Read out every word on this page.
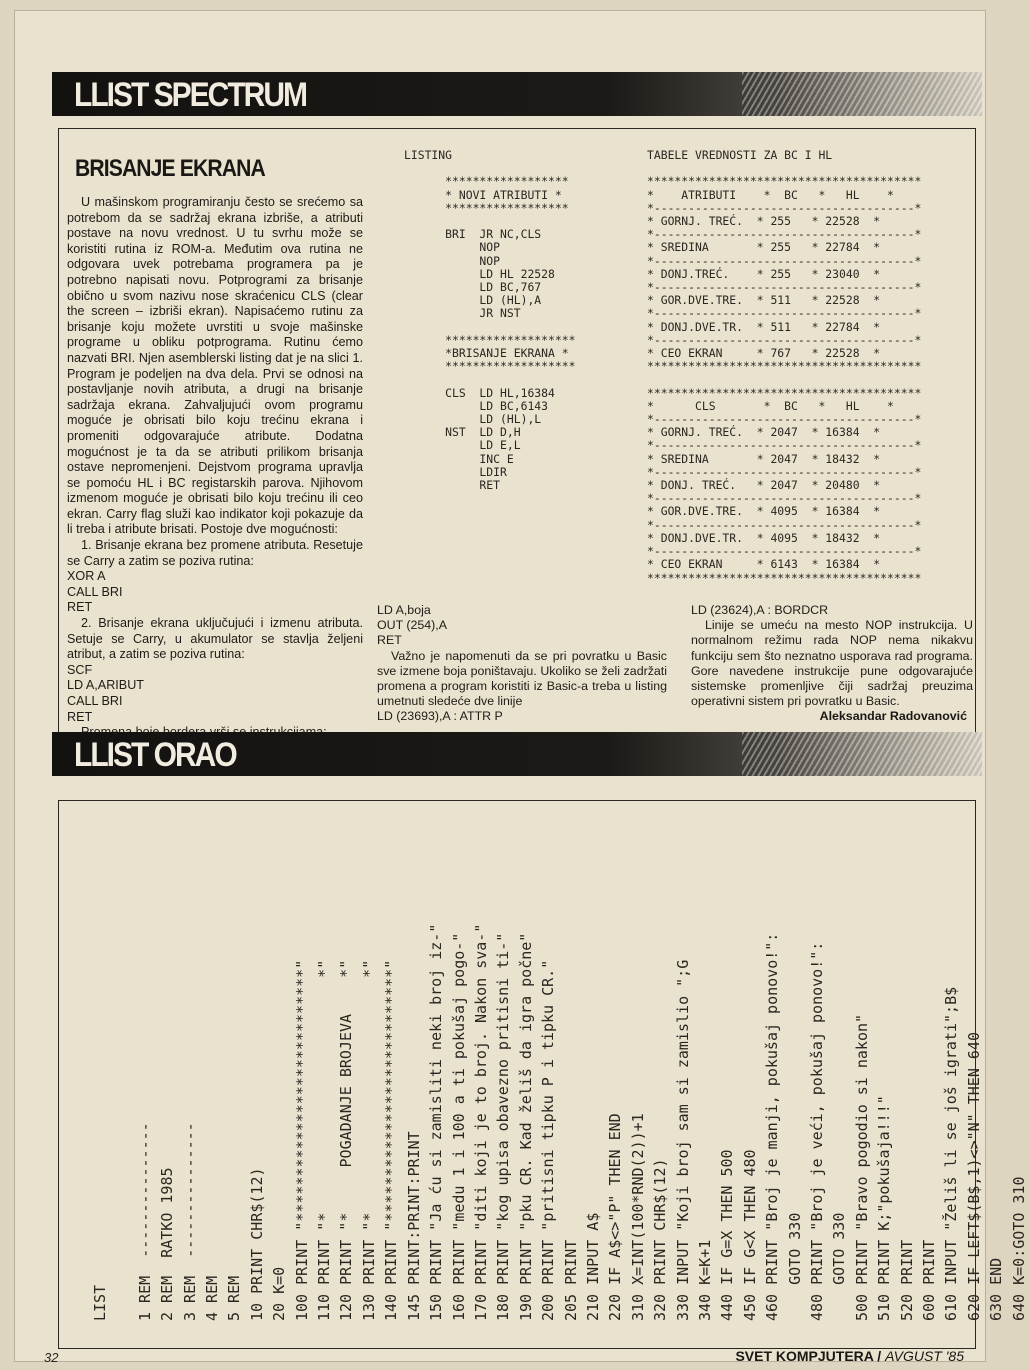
LLIST SPECTRUM
BRISANJE EKRANA

U mašinskom programiranju često se srećemo sa potrebom da se sadržaj ekrana izbriše, a atributi postave na novu vrednost. U tu svrhu može se koristiti rutina iz ROM-a. Međutim ova rutina ne odgovara uvek potrebama programera pa je potrebno napisati novu. Potprogrami za brisanje obično u svom nazivu nose skraćenicu CLS (clear the screen – izbriši ekran). Napisaćemo rutinu za brisanje koju možete uvrstiti u svoje mašinske programe u obliku potprograma. Rutinu ćemo nazvati BRI. Njen asemblerski listing dat je na slici 1. Program je podeljen na dva dela. Prvi se odnosi na postavljanje novih atributa, a drugi na brisanje sadržaja ekrana. Zahvaljujući ovom programu moguće je obrisati bilo koju trećinu ekrana i promeniti odgovarajuće atribute. Dodatna mogućnost je ta da se atributi prilikom brisanja ostave nepromenjeni. Dejstvom programa upravlja se pomoću HL i BC registarskih parova. Njihovom izmenom moguće je obrisati bilo koju trećinu ili ceo ekran. Carry flag služi kao indikator koji pokazuje da li treba i atribute brisati. Postoje dve mogućnosti:

1. Brisanje ekrana bez promene atributa. Resetuje se Carry a zatim se poziva rutina:

XOR A
CALL BRI
RET

2. Brisanje ekrana uključujući i izmenu atributa. Setuje se Carry, u akumulator se stavlja željeni atribut, a zatim se poziva rutina:

SCF
LD A,ARIBUT
CALL BRI
RET

LISTING

******************
* NOVI ATRIBUTI *
******************

BRI  JR NC,CLS
NOP
NOP
LD HL 22528
LD BC,767
LD (HL),A
JR NST

*******************
*BRISANJE EKRANA *
*******************

CLS  LD HL,16384
LD BC,6143
LD (HL),L
NST  LD D,H
LD E,L
INC E
LDIR
RET
TABELE VREDNOSTI ZA BC I HL

****************************************
*    ATRIBUTI    *  BC   *   HL    *
*--------------------------------------*
* GORNJ. TREĆ.  * 255   * 22528  *
*--------------------------------------*
* SREDINA       * 255   * 22784  *
*--------------------------------------*
* DONJ.TREĆ.    * 255   * 23040  *
*--------------------------------------*
* GOR.DVE.TRE.  * 511   * 22528  *
*--------------------------------------*
* DONJ.DVE.TR.  * 511   * 22784  *
*--------------------------------------*
* CEO EKRAN     * 767   * 22528  *
****************************************

****************************************
*      CLS       *  BC   *   HL    *
*--------------------------------------*
* GORNJ. TREĆ.  * 2047  * 16384  *
*--------------------------------------*
* SREDINA       * 2047  * 18432  *
*--------------------------------------*
* DONJ. TREĆ.   * 2047  * 20480  *
*--------------------------------------*
* GOR.DVE.TRE.  * 4095  * 16384  *
*--------------------------------------*
* DONJ.DVE.TR.  * 4095  * 18432  *
*--------------------------------------*
* CEO EKRAN     * 6143  * 16384  *
****************************************
LD A,boja
OUT (254),A
RET

Važno je napomenuti da se pri povratku u Basic sve izmene boja poništavaju. Ukoliko se želi zadržati promena a program koristiti iz Basic-a treba u listing umetnuti sledeće dve linije

LD (23693),A : ATTR P
LD (23624),A : BORDCR

Linije se umeću na mesto NOP instrukcija. U normalnom režimu rada NOP nema nikakvu funkciju sem što neznatno usporava rad programa. Gore navedene instrukcije pune odgovarajuće sistemske promenljive čiji sadržaj preuzima operativni sistem pri povratku u Basic.

Aleksandar Radovanović
LLIST ORAO
LIST

1 REM  ---------------
2 REM  RATKO 1985
3 REM  ---------------
4 REM
5 REM
10 PRINT CHR$(12)
20 K=0
100 PRINT "****************************"
110 PRINT "*                          *"
120 PRINT "*     POGADANJE BROJEVA    *"
130 PRINT "*                          *"
140 PRINT "****************************"
145 PRINT:PRINT:PRINT
150 PRINT "Ja ću si zamisliti neki broj iz-"
160 PRINT "medu 1 i 100 a ti pokušaj pogo-"
170 PRINT "diti koji je to broj. Nakon sva-"
180 PRINT "kog upisa obavezno pritisni ti-"
190 PRINT "pku CR. Kad želiš da igra počne"
200 PRINT "pritisni tipku P i tipku CR."
205 PRINT
210 INPUT A$
220 IF A$<>"P" THEN END
310 X=INT(100*RND(2))+1
320 PRINT CHR$(12)
330 INPUT "Koji broj sam si zamislio ";G
340 K=K+1
440 IF G=X THEN 500
450 IF G<X THEN 480
460 PRINT "Broj je manji, pokušaj ponovo!":
GOTO 330
480 PRINT "Broj je veći, pokušaj ponovo!":
GOTO 330
500 PRINT "Bravo pogodio si nakon"
510 PRINT K;"pokušaja!!!"
520 PRINT
600 PRINT
610 INPUT "Želiš li se još igrati";B$
620 IF LEFT$(B$,1)<>"N" THEN 640
630 END
640 K=0:GOTO 310
32	SVET KOMPJUTERA / AVGUST '85
